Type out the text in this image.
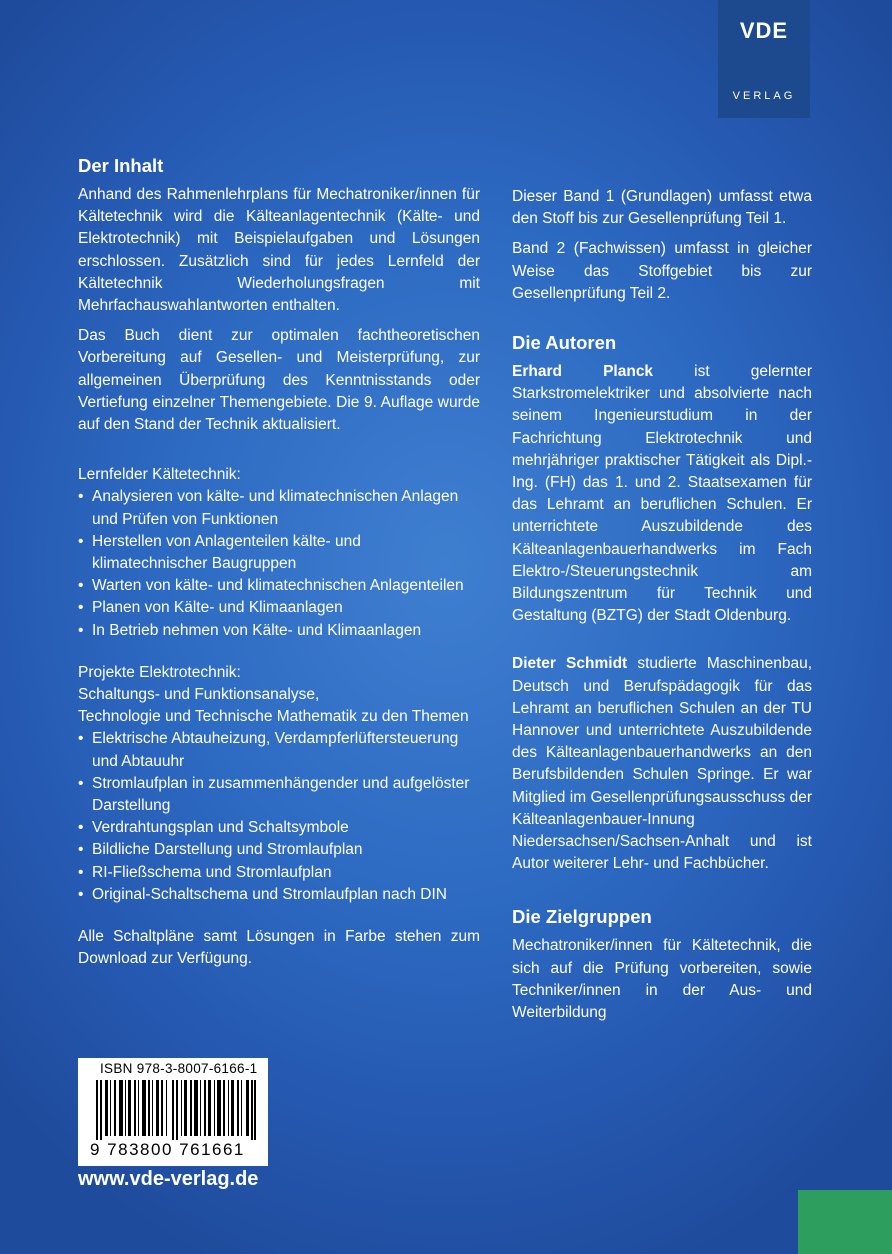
VDE
VERLAG
Der Inhalt

Anhand des Rahmenlehrplans für Mechatroniker/innen für Kältetechnik wird die Kälteanlagentechnik (Kälte- und Elektrotechnik) mit Beispielaufgaben und Lösungen erschlossen. Zusätzlich sind für jedes Lernfeld der Kältetechnik Wiederholungsfragen mit Mehrfachauswahlantworten enthalten.

Das Buch dient zur optimalen fachtheoretischen Vorbereitung auf Gesellen- und Meisterprüfung, zur allgemeinen Überprüfung des Kenntnisstands oder Vertiefung einzelner Themengebiete. Die 9. Auflage wurde auf den Stand der Technik aktualisiert.

Lernfelder Kältetechnik:
• Analysieren von kälte- und klimatechnischen Anlagen und Prüfen von Funktionen
• Herstellen von Anlagenteilen kälte- und klimatechnischer Baugruppen
• Warten von kälte- und klimatechnischen Anlagenteilen
• Planen von Kälte- und Klimaanlagen
• In Betrieb nehmen von Kälte- und Klimaanlagen
Projekte Elektrotechnik:
Schaltungs- und Funktionsanalyse,
Technologie und Technische Mathematik zu den Themen
• Elektrische Abtauheizung, Verdampferlüftersteuerung und Abtauuhr
• Stromlaufplan in zusammenhängender und aufgelöster Darstellung
• Verdrahtungsplan und Schaltsymbole
• Bildliche Darstellung und Stromlaufplan
• RI-Fließschema und Stromlaufplan
• Original-Schaltschema und Stromlaufplan nach DIN

Alle Schaltpläne samt Lösungen in Farbe stehen zum Download zur Verfügung.

Dieser Band 1 (Grundlagen) umfasst etwa den Stoff bis zur Gesellenprüfung Teil 1.

Band 2 (Fachwissen) umfasst in gleicher Weise das Stoffgebiet bis zur Gesellenprüfung Teil 2.

Die Autoren

Erhard Planck ist gelernter Starkstromelektriker und absolvierte nach seinem Ingenieurstudium in der Fachrichtung Elektrotechnik und mehrjähriger praktischer Tätigkeit als Dipl.-Ing. (FH) das 1. und 2. Staatsexamen für das Lehramt an beruflichen Schulen. Er unterrichtete Auszubildende des Kälteanlagenbauerhandwerks im Fach Elektro-/Steuerungstechnik am Bildungszentrum für Technik und Gestaltung (BZTG) der Stadt Oldenburg.

Dieter Schmidt studierte Maschinenbau, Deutsch und Berufspädagogik für das Lehramt an beruflichen Schulen an der TU Hannover und unterrichtete Auszubildende des Kälteanlagenbauerhandwerks an den Berufsbildenden Schulen Springe. Er war Mitglied im Gesellenprüfungsausschuss der Kälteanlagenbauer-Innung Niedersachsen/Sachsen-Anhalt und ist Autor weiterer Lehr- und Fachbücher.

Die Zielgruppen

Mechatroniker/innen für Kältetechnik, die sich auf die Prüfung vorbereiten, sowie Techniker/innen in der Aus- und Weiterbildung

ISBN 978-3-8007-6166-1
9 783800 761661
www.vde-verlag.de
